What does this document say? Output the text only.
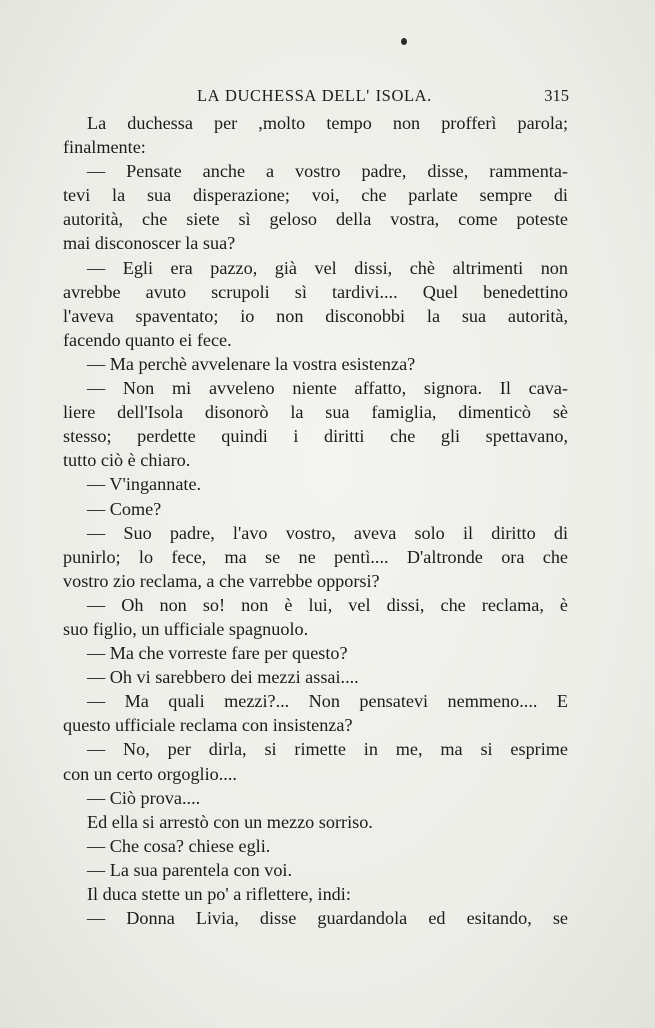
LA DUCHESSA DELL' ISOLA.	315
La duchessa per ,molto tempo non profferì parola;
finalmente:
— Pensate anche a vostro padre, disse, rammenta-
tevi la sua disperazione; voi, che parlate sempre di
autorità, che siete sì geloso della vostra, come poteste
mai disconoscer la sua?
— Egli era pazzo, già vel dissi, chè altrimenti non
avrebbe avuto scrupoli sì tardivi.... Quel benedettino
l'aveva spaventato; io non disconobbi la sua autorità,
facendo quanto ei fece.
— Ma perchè avvelenare la vostra esistenza?
— Non mi avveleno niente affatto, signora. Il cava-
liere dell'Isola disonorò la sua famiglia, dimenticò sè
stesso; perdette quindi i diritti che gli spettavano,
tutto ciò è chiaro.
— V'ingannate.
— Come?
— Suo padre, l'avo vostro, aveva solo il diritto di
punirlo; lo fece, ma se ne pentì.... D'altronde ora che
vostro zio reclama, a che varrebbe opporsi?
— Oh non so! non è lui, vel dissi, che reclama, è
suo figlio, un ufficiale spagnuolo.
— Ma che vorreste fare per questo?
— Oh vi sarebbero dei mezzi assai....
— Ma quali mezzi?... Non pensatevi nemmeno.... E
questo ufficiale reclama con insistenza?
— No, per dirla, si rimette in me, ma si esprime
con un certo orgoglio....
— Ciò prova....
Ed ella si arrestò con un mezzo sorriso.
— Che cosa? chiese egli.
— La sua parentela con voi.
Il duca stette un po' a riflettere, indi:
— Donna Livia, disse guardandola ed esitando, se
